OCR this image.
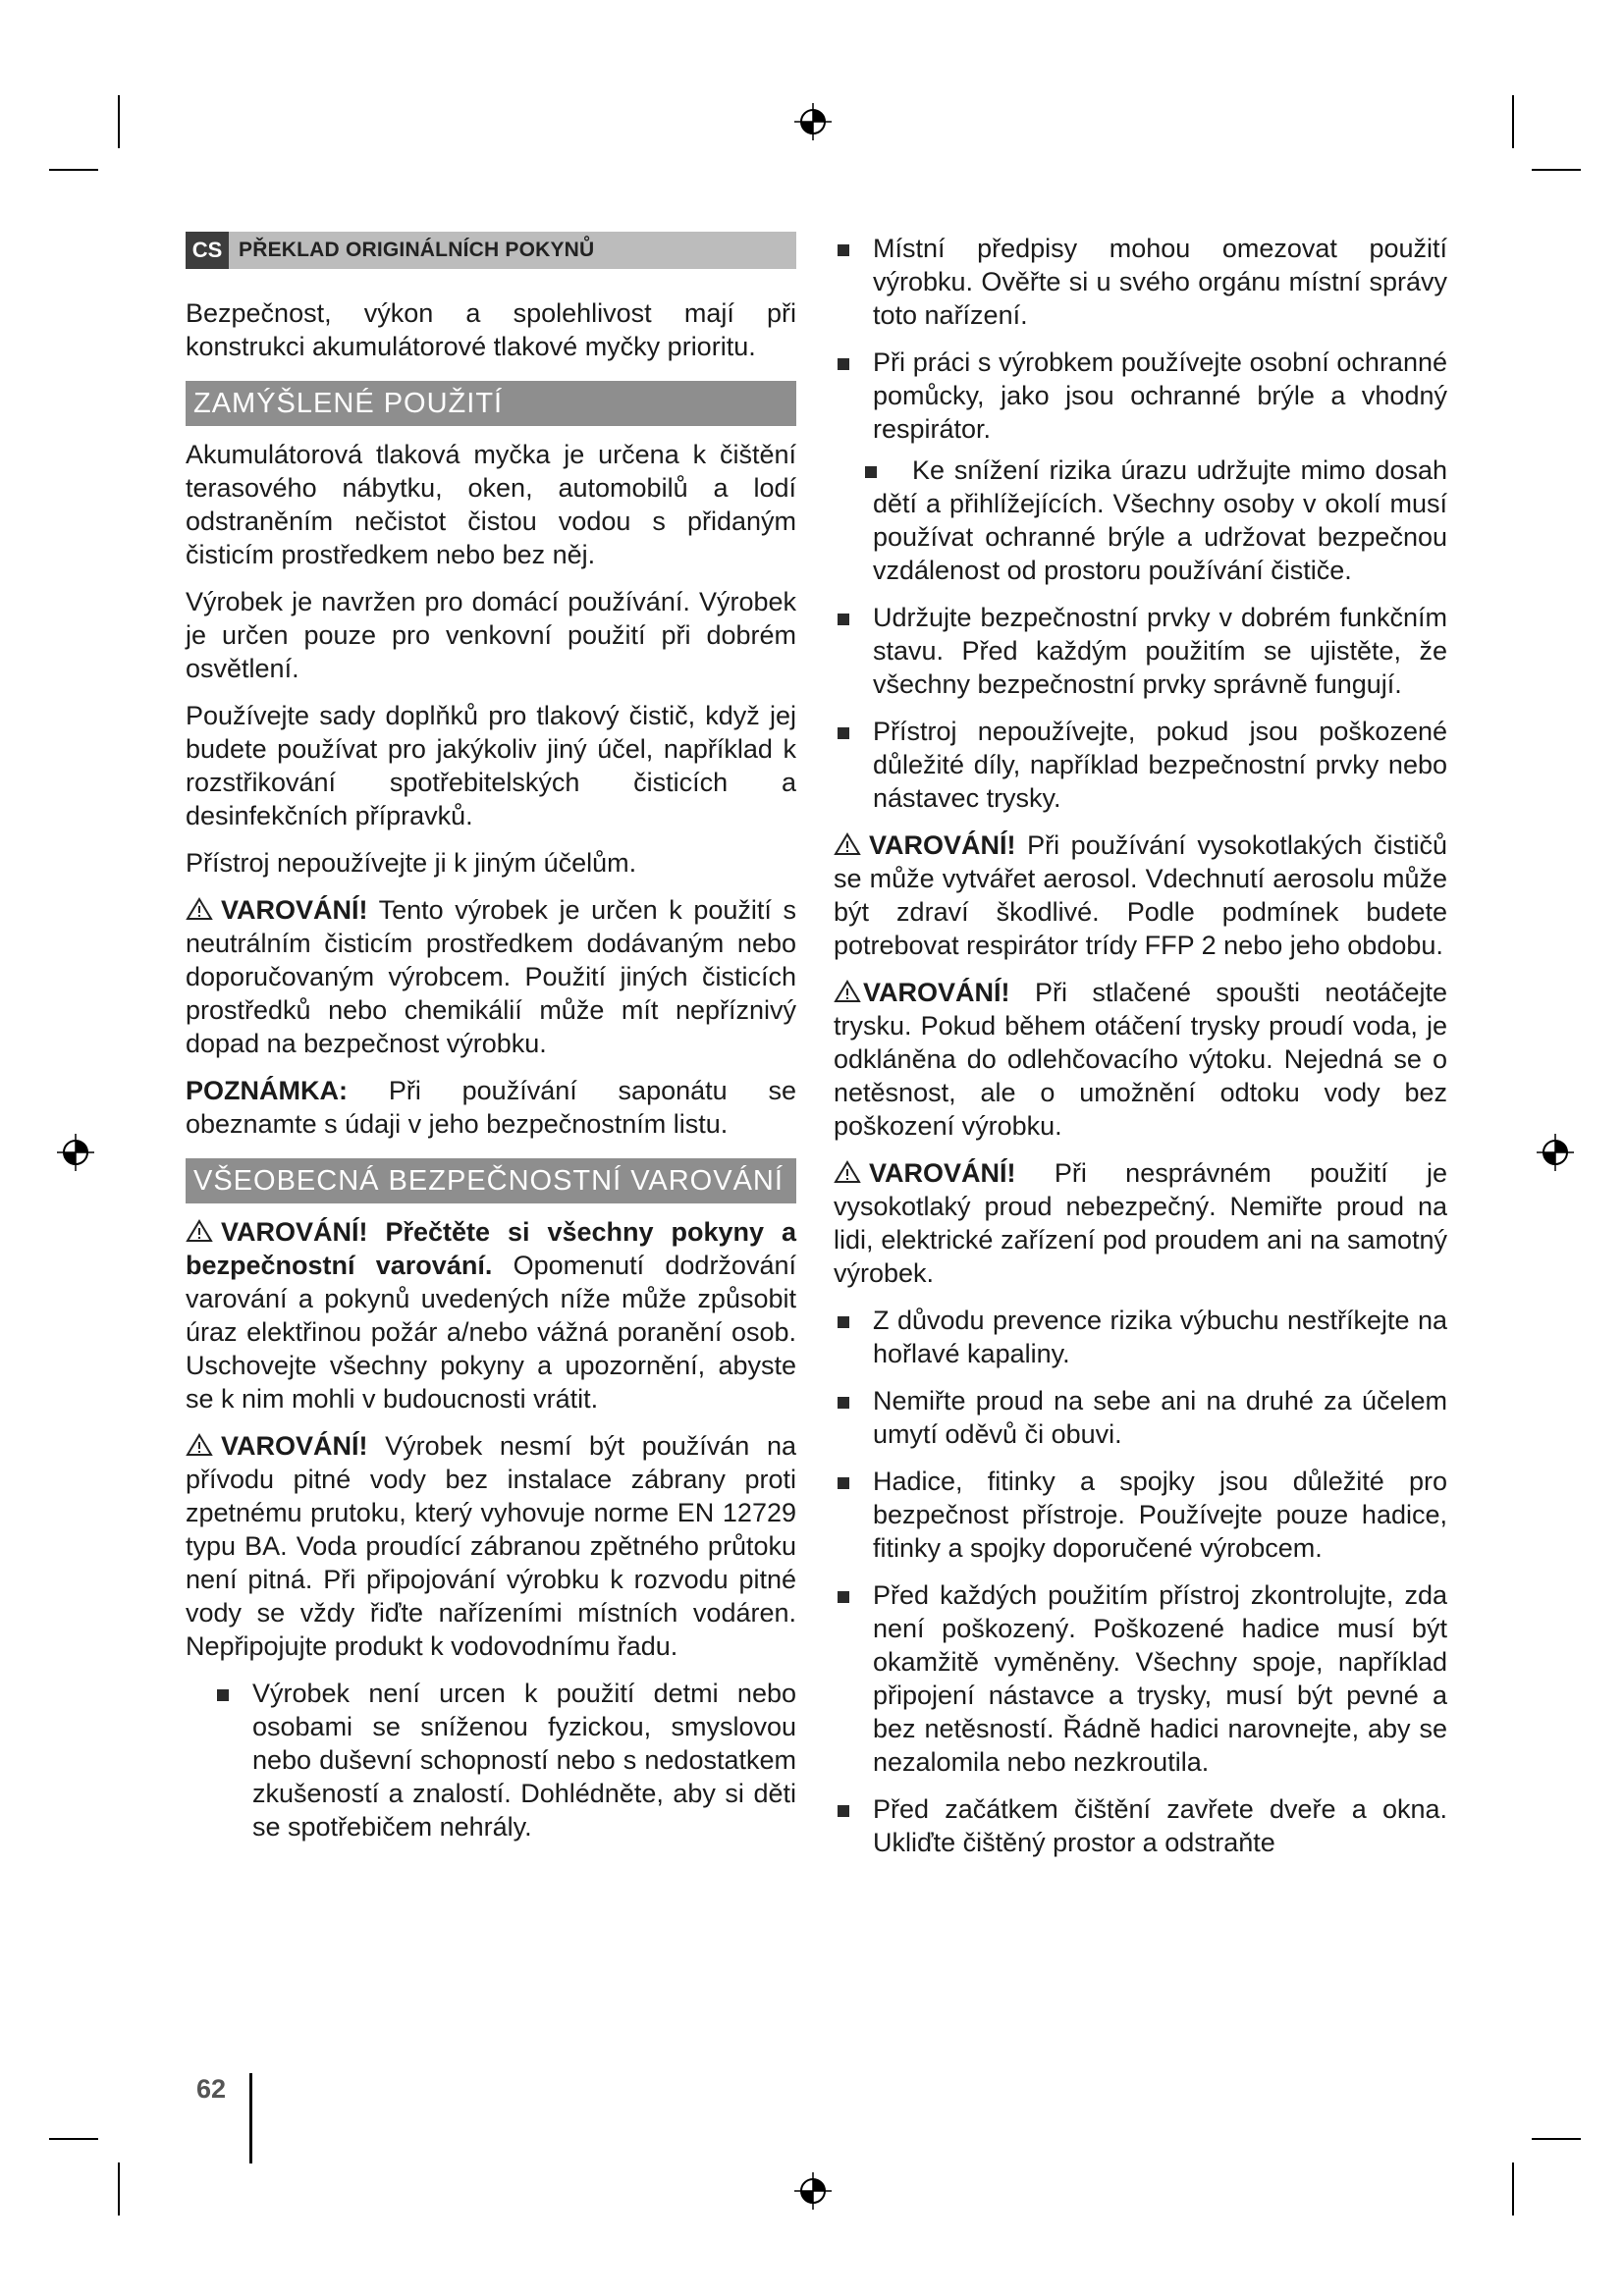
CS PŘEKLAD ORIGINÁLNÍCH POKYNŮ

Bezpečnost, výkon a spolehlivost mají při konstrukci akumulátorové tlakové myčky prioritu.

ZAMÝŠLENÉ POUŽITÍ

Akumulátorová tlaková myčka je určena k čištění terasového nábytku, oken, automobilů a lodí odstraněním nečistot čistou vodou s přidaným čisticím prostředkem nebo bez něj.

Výrobek je navržen pro domácí používání. Výrobek je určen pouze pro venkovní použití při dobrém osvětlení.

Používejte sady doplňků pro tlakový čistič, když jej budete používat pro jakýkoliv jiný účel, například k rozstřikování spotřebitelských čisticích a desinfekčních přípravků.

Přístroj nepoužívejte ji k jiným účelům.

VAROVÁNÍ! Tento výrobek je určen k použití s neutrálním čisticím prostředkem dodávaným nebo doporučovaným výrobcem. Použití jiných čisticích prostředků nebo chemikálií může mít nepříznivý dopad na bezpečnost výrobku.

POZNÁMKA: Při používání saponátu se obeznamte s údaji v jeho bezpečnostním listu.

VŠEOBECNÁ BEZPEČNOSTNÍ VAROVÁNÍ

VAROVÁNÍ! Přečtěte si všechny pokyny a bezpečnostní varování. Opomenutí dodržování varování a pokynů uvedených níže může způsobit úraz elektřinou požár a/nebo vážná poranění osob. Uschovejte všechny pokyny a upozornění, abyste se k nim mohli v budoucnosti vrátit.

VAROVÁNÍ! Výrobek nesmí být používán na přívodu pitné vody bez instalace zábrany proti zpetnému prutoku, který vyhovuje norme EN 12729 typu BA. Voda proudící zábranou zpětného průtoku není pitná. Při připojování výrobku k rozvodu pitné vody se vždy řiďte nařízeními místních vodáren. Nepřipojujte produkt k vodovodnímu řadu.

Výrobek není urcen k použití detmi nebo osobami se sníženou fyzickou, smyslovou nebo duševní schopností nebo s nedostatkem zkušeností a znalostí. Dohlédněte, aby si děti se spotřebičem nehrály.
Místní předpisy mohou omezovat použití výrobku. Ověřte si u svého orgánu místní správy toto nařízení.
Při práci s výrobkem používejte osobní ochranné pomůcky, jako jsou ochranné brýle a vhodný respirátor.
Ke snížení rizika úrazu udržujte mimo dosah dětí a přihlížejících. Všechny osoby v okolí musí používat ochranné brýle a udržovat bezpečnou vzdálenost od prostoru používání čističe.
Udržujte bezpečnostní prvky v dobrém funkčním stavu. Před každým použitím se ujistěte, že všechny bezpečnostní prvky správně fungují.
Přístroj nepoužívejte, pokud jsou poškozené důležité díly, například bezpečnostní prvky nebo nástavec trysky.

VAROVÁNÍ! Při používání vysokotlakých čističů se může vytvářet aerosol. Vdechnutí aerosolu může být zdraví škodlivé. Podle podmínek budete potrebovat respirátor trídy FFP 2 nebo jeho obdobu.

VAROVÁNÍ! Při stlačené spoušti neotáčejte trysku. Pokud během otáčení trysky proudí voda, je odkláněna do odlehčovacího výtoku. Nejedná se o netěsnost, ale o umožnění odtoku vody bez poškození výrobku.

VAROVÁNÍ! Při nesprávném použití je vysokotlaký proud nebezpečný. Nemiřte proud na lidi, elektrické zařízení pod proudem ani na samotný výrobek.

Z důvodu prevence rizika výbuchu nestříkejte na hořlavé kapaliny.
Nemiřte proud na sebe ani na druhé za účelem umytí oděvů či obuvi.
Hadice, fitinky a spojky jsou důležité pro bezpečnost přístroje. Používejte pouze hadice, fitinky a spojky doporučené výrobcem.
Před každých použitím přístroj zkontrolujte, zda není poškozený. Poškozené hadice musí být okamžitě vyměněny. Všechny spoje, například připojení nástavce a trysky, musí být pevné a bez netěsností. Řádně hadici narovnejte, aby se nezalomila nebo nezkroutila.
Před začátkem čištění zavřete dveře a okna. Ukliďte čištěný prostor a odstraňte
62
